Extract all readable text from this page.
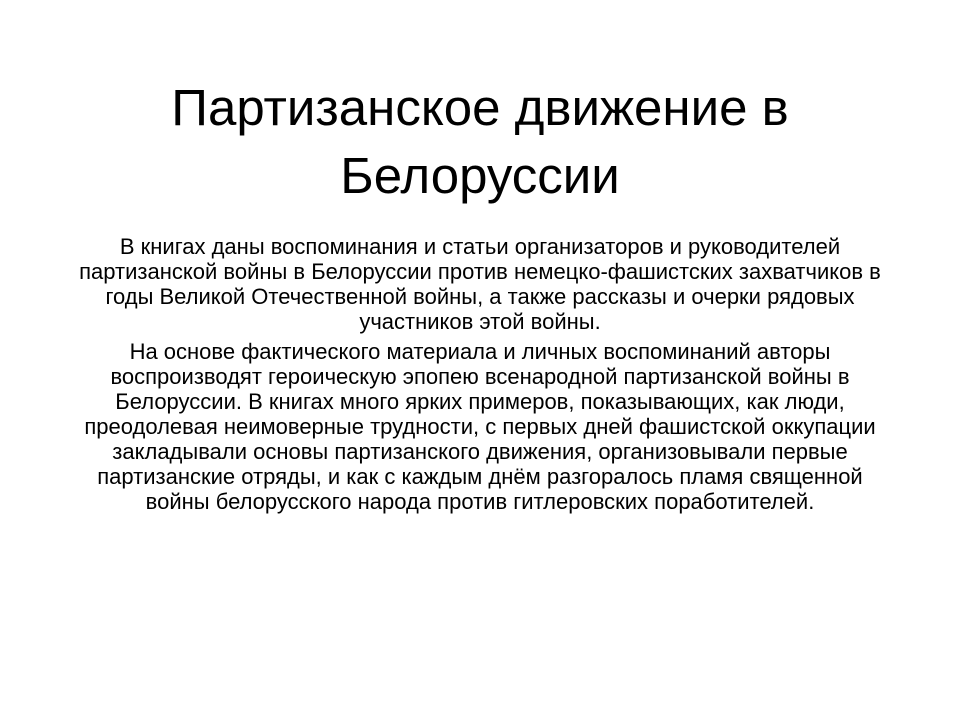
Партизанское движение в Белоруссии

В книгах даны воспоминания и статьи организаторов и руководителей партизанской войны в Белоруссии против немецко-фашистских захватчиков в годы Великой Отечественной войны, а также рассказы и очерки рядовых участников этой войны.

На основе фактического материала и личных воспоминаний авторы воспроизводят героическую эпопею всенародной партизанской войны в Белоруссии. В книгах много ярких примеров, показывающих, как люди, преодолевая неимоверные трудности, с первых дней фашистской оккупации закладывали основы партизанского движения, организовывали первые партизанские отряды, и как с каждым днём разгоралось пламя священной войны белорусского народа против гитлеровских поработителей.
